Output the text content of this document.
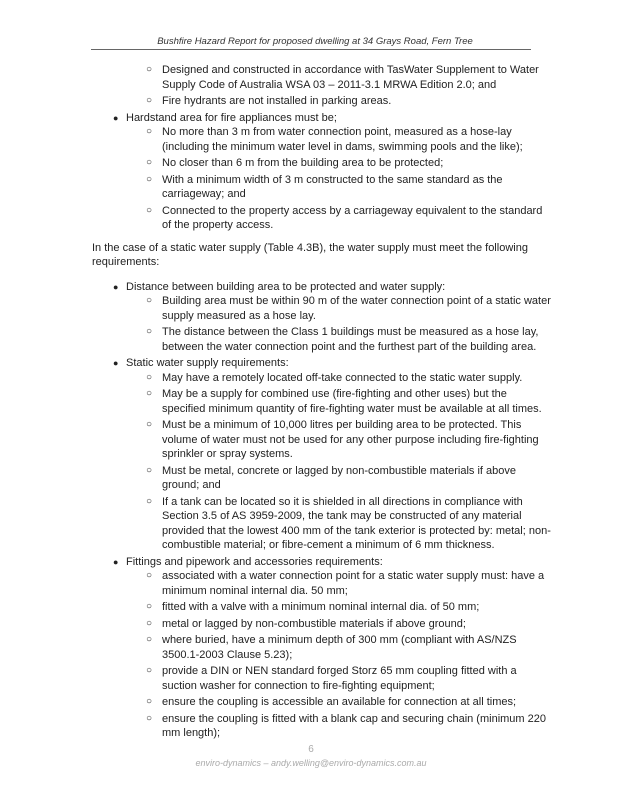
Bushfire Hazard Report for proposed dwelling at 34 Grays Road, Fern Tree
○ Designed and constructed in accordance with TasWater Supplement to Water Supply Code of Australia WSA 03 – 2011-3.1 MRWA Edition 2.0; and
○ Fire hydrants are not installed in parking areas.
● Hardstand area for fire appliances must be;
○ No more than 3 m from water connection point, measured as a hose-lay (including the minimum water level in dams, swimming pools and the like);
○ No closer than 6 m from the building area to be protected;
○ With a minimum width of 3 m constructed to the same standard as the carriageway; and
○ Connected to the property access by a carriageway equivalent to the standard of the property access.

In the case of a static water supply (Table 4.3B), the water supply must meet the following requirements:

● Distance between building area to be protected and water supply:
○ Building area must be within 90 m of the water connection point of a static water supply measured as a hose lay.
○ The distance between the Class 1 buildings must be measured as a hose lay, between the water connection point and the furthest part of the building area.
● Static water supply requirements:
○ May have a remotely located off-take connected to the static water supply.
○ May be a supply for combined use (fire-fighting and other uses) but the specified minimum quantity of fire-fighting water must be available at all times.
○ Must be a minimum of 10,000 litres per building area to be protected. This volume of water must not be used for any other purpose including fire-fighting sprinkler or spray systems.
○ Must be metal, concrete or lagged by non-combustible materials if above ground; and
○ If a tank can be located so it is shielded in all directions in compliance with Section 3.5 of AS 3959-2009, the tank may be constructed of any material provided that the lowest 400 mm of the tank exterior is protected by: metal; non-combustible material; or fibre-cement a minimum of 6 mm thickness.
● Fittings and pipework and accessories requirements:
○ associated with a water connection point for a static water supply must: have a minimum nominal internal dia. 50 mm;
○ fitted with a valve with a minimum nominal internal dia. of 50 mm;
○ metal or lagged by non-combustible materials if above ground;
○ where buried, have a minimum depth of 300 mm (compliant with AS/NZS 3500.1-2003 Clause 5.23);
○ provide a DIN or NEN standard forged Storz 65 mm coupling fitted with a suction washer for connection to fire-fighting equipment;
○ ensure the coupling is accessible an available for connection at all times;
○ ensure the coupling is fitted with a blank cap and securing chain (minimum 220 mm length);
6
enviro-dynamics – andy.welling@enviro-dynamics.com.au
